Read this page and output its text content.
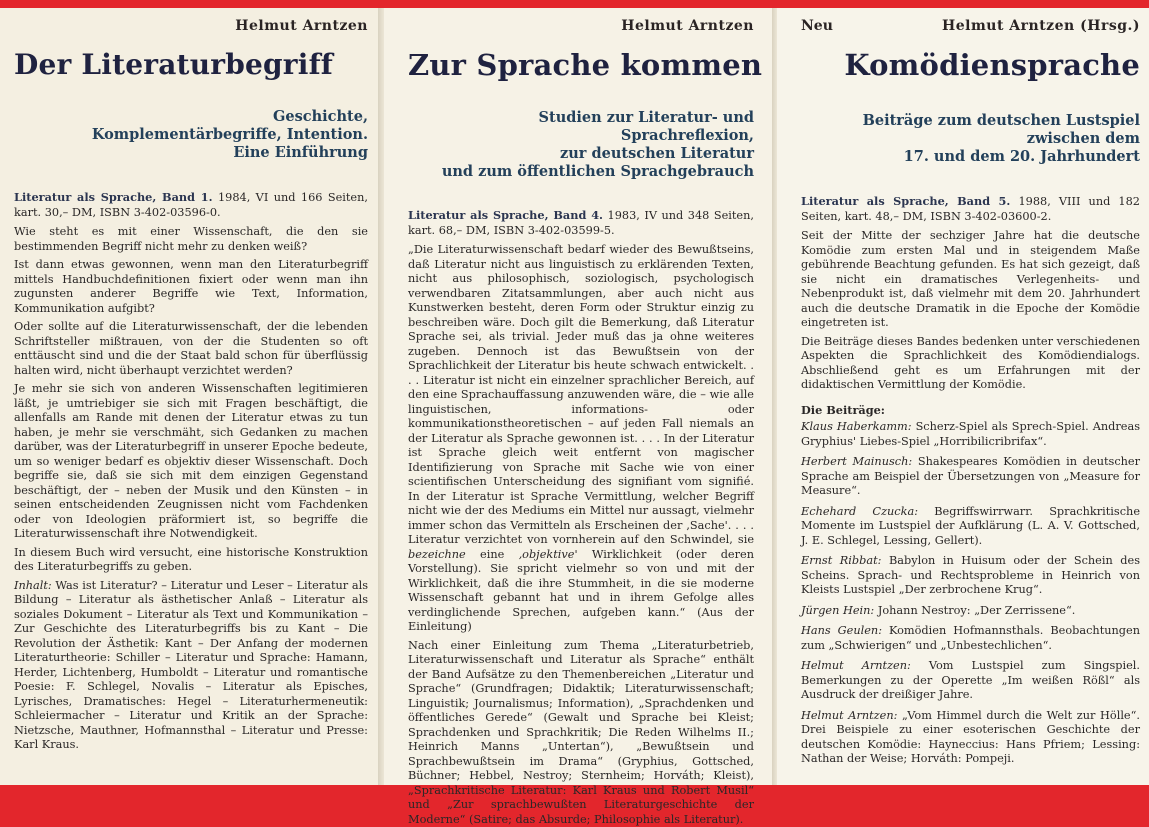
Helmut Arntzen
Der Literaturbegriff
Geschichte,
Komplementärbegriffe, Intention.
Eine Einführung

Literatur als Sprache, Band 1. 1984, VI und 166 Seiten, kart. 30,– DM, ISBN 3-402-03596-0.

Wie steht es mit einer Wissenschaft, die den sie bestimmenden Begriff nicht mehr zu denken weiß?

Ist dann etwas gewonnen, wenn man den Literaturbegriff mittels Handbuchdefinitionen fixiert oder wenn man ihn zugunsten anderer Begriffe wie Text, Information, Kommunikation aufgibt?

Oder sollte auf die Literaturwissenschaft, der die lebenden Schriftsteller mißtrauen, von der die Studenten so oft enttäuscht sind und die der Staat bald schon für überflüssig halten wird, nicht überhaupt verzichtet werden?

Je mehr sie sich von anderen Wissenschaften legitimieren läßt, je umtriebiger sie sich mit Fragen beschäftigt, die allenfalls am Rande mit denen der Literatur etwas zu tun haben, je mehr sie verschmäht, sich Gedanken zu machen darüber, was der Literaturbegriff in unserer Epoche bedeute, um so weniger bedarf es objektiv dieser Wissenschaft. Doch begriffe sie, daß sie sich mit dem einzigen Gegenstand beschäftigt, der – neben der Musik und den Künsten – in seinen entscheidenden Zeugnissen nicht vom Fachdenken oder von Ideologien präformiert ist, so begriffe die Literaturwissenschaft ihre Notwendigkeit.

In diesem Buch wird versucht, eine historische Konstruktion des Literaturbegriffs zu geben.

Inhalt: Was ist Literatur? – Literatur und Leser – Literatur als Bildung – Literatur als ästhetischer Anlaß – Literatur als soziales Dokument – Literatur als Text und Kommunikation – Zur Geschichte des Literaturbegriffs bis zu Kant – Die Revolution der Ästhetik: Kant – Der Anfang der modernen Literaturtheorie: Schiller – Literatur und Sprache: Hamann, Herder, Lichtenberg, Humboldt – Literatur und romantische Poesie: F. Schlegel, Novalis – Literatur als Episches, Lyrisches, Dramatisches: Hegel – Literaturhermeneutik: Schleiermacher – Literatur und Kritik an der Sprache: Nietzsche, Mauthner, Hofmannsthal – Literatur und Presse: Karl Kraus.

Helmut Arntzen
Zur Sprache kommen
Studien zur Literatur- und Sprachreflexion,
zur deutschen Literatur
und zum öffentlichen Sprachgebrauch

Literatur als Sprache, Band 4. 1983, IV und 348 Seiten, kart. 68,– DM, ISBN 3-402-03599-5.

„Die Literaturwissenschaft bedarf wieder des Bewußtseins, daß Literatur nicht aus linguistisch zu erklärenden Texten, nicht aus philosophisch, soziologisch, psychologisch verwendbaren Zitatsammlungen, aber auch nicht aus Kunstwerken besteht, deren Form oder Struktur einzig zu beschreiben wäre. Doch gilt die Bemerkung, daß Literatur Sprache sei, als trivial. Jeder muß das ja ohne weiteres zugeben. Dennoch ist das Bewußtsein von der Sprachlichkeit der Literatur bis heute schwach entwickelt. . . . Literatur ist nicht ein einzelner sprachlicher Bereich, auf den eine Sprachauffassung anzuwenden wäre, die – wie alle linguistischen, informations- oder kommunikationstheoretischen – auf jeden Fall niemals an der Literatur als Sprache gewonnen ist. . . . In der Literatur ist Sprache gleich weit entfernt von magischer Identifizierung von Sprache mit Sache wie von einer scientifischen Unterscheidung des signifiant vom signifié. In der Literatur ist Sprache Vermittlung, welcher Begriff nicht wie der des Mediums ein Mittel nur aussagt, vielmehr immer schon das Vermitteln als Erscheinen der ‚Sache'. . . . Literatur verzichtet von vornherein auf den Schwindel, sie bezeichne eine ‚objektive' Wirklichkeit (oder deren Vorstellung). Sie spricht vielmehr so von und mit der Wirklichkeit, daß die ihre Stummheit, in die sie moderne Wissenschaft gebannt hat und in ihrem Gefolge alles verdinglichende Sprechen, aufgeben kann.“ (Aus der Einleitung)

Nach einer Einleitung zum Thema „Literaturbetrieb, Literaturwissenschaft und Literatur als Sprache“ enthält der Band Aufsätze zu den Themenbereichen „Literatur und Sprache“ (Grundfragen; Didaktik; Literaturwissenschaft; Linguistik; Journalismus; Information), „Sprachdenken und öffentliches Gerede“ (Gewalt und Sprache bei Kleist; Sprachdenken und Sprachkritik; Die Reden Wilhelms II.; Heinrich Manns „Untertan“), „Bewußtsein und Sprachbewußtsein im Drama“ (Gryphius, Gottsched, Büchner; Hebbel, Nestroy; Sternheim; Horváth; Kleist), „Sprachkritische Literatur: Karl Kraus und Robert Musil“ und „Zur sprachbewußten Literaturgeschichte der Moderne“ (Satire; das Absurde; Philosophie als Literatur).

Neu	Helmut Arntzen (Hrsg.)
Komödiensprache
Beiträge zum deutschen Lustspiel
zwischen dem
17. und dem 20. Jahrhundert

Literatur als Sprache, Band 5. 1988, VIII und 182 Seiten, kart. 48,– DM, ISBN 3-402-03600-2.

Seit der Mitte der sechziger Jahre hat die deutsche Komödie zum ersten Mal und in steigendem Maße gebührende Beachtung gefunden. Es hat sich gezeigt, daß sie nicht ein dramatisches Verlegenheits- und Nebenprodukt ist, daß vielmehr mit dem 20. Jahrhundert auch die deutsche Dramatik in die Epoche der Komödie eingetreten ist.

Die Beiträge dieses Bandes bedenken unter verschiedenen Aspekten die Sprachlichkeit des Komödiendialogs. Abschließend geht es um Erfahrungen mit der didaktischen Vermittlung der Komödie.

Die Beiträge:

Klaus Haberkamm: Scherz-Spiel als Sprech-Spiel. Andreas Gryphius' Liebes-Spiel „Horribilicribrifax“.

Herbert Mainusch: Shakespeares Komödien in deutscher Sprache am Beispiel der Übersetzungen von „Measure for Measure“.

Echehard Czucka: Begriffswirrwarr. Sprachkritische Momente im Lustspiel der Aufklärung (L. A. V. Gottsched, J. E. Schlegel, Lessing, Gellert).

Ernst Ribbat: Babylon in Huisum oder der Schein des Scheins. Sprach- und Rechtsprobleme in Heinrich von Kleists Lustspiel „Der zerbrochene Krug“.

Jürgen Hein: Johann Nestroy: „Der Zerrissene“.

Hans Geulen: Komödien Hofmannsthals. Beobachtungen zum „Schwierigen“ und „Unbestechlichen“.

Helmut Arntzen: Vom Lustspiel zum Singspiel. Bemerkungen zu der Operette „Im weißen Rößl“ als Ausdruck der dreißiger Jahre.

Helmut Arntzen: „Vom Himmel durch die Welt zur Hölle“. Drei Beispiele zu einer esoterischen Geschichte der deutschen Komödie: Hayneccius: Hans Pfriem; Lessing: Nathan der Weise; Horváth: Pompeji.
